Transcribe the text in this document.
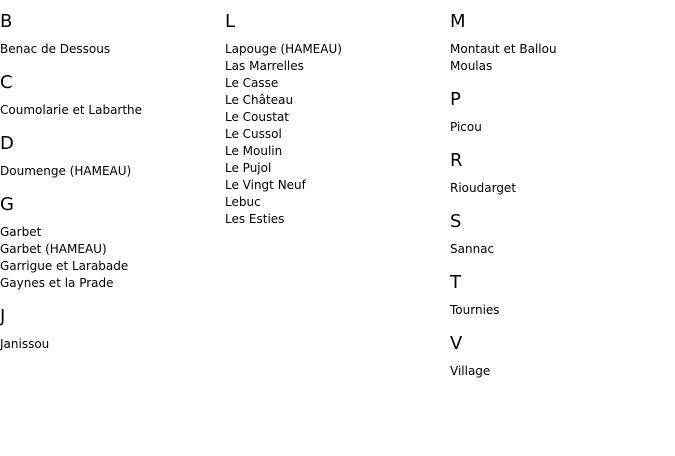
B
Benac de Dessous
C
Coumolarie et Labarthe
D
Doumenge (HAMEAU)
G
Garbet
Garbet (HAMEAU)
Garrigue et Larabade
Gaynes et la Prade
J
Janissou
L
Lapouge (HAMEAU)
Las Marrelles
Le Casse
Le Château
Le Coustat
Le Cussol
Le Moulin
Le Pujol
Le Vingt Neuf
Lebuc
Les Esties
M
Montaut et Ballou
Moulas
P
Picou
R
Rioudarget
S
Sannac
T
Tournies
V
Village
